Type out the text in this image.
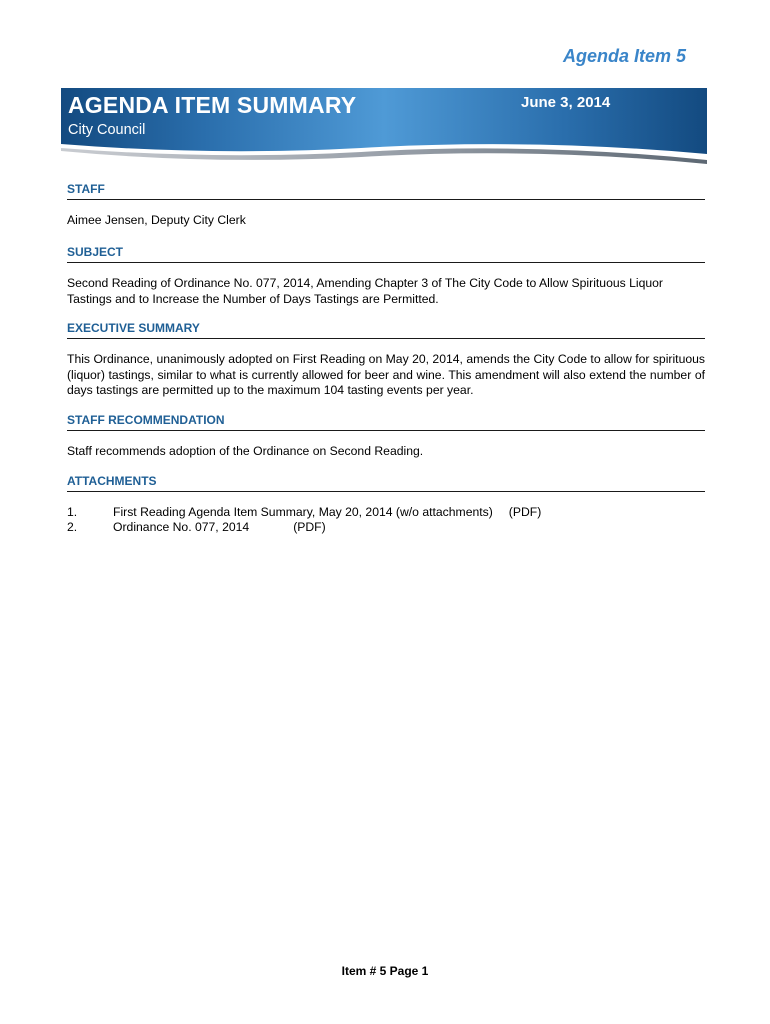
Agenda Item 5
AGENDA ITEM SUMMARY
City Council
June 3, 2014
STAFF
Aimee Jensen, Deputy City Clerk
SUBJECT
Second Reading of Ordinance No. 077, 2014, Amending Chapter 3 of The City Code to Allow Spirituous Liquor Tastings and to Increase the Number of Days Tastings are Permitted.
EXECUTIVE SUMMARY
This Ordinance, unanimously adopted on First Reading on May 20, 2014, amends the City Code to allow for spirituous (liquor) tastings, similar to what is currently allowed for beer and wine. This amendment will also extend the number of days tastings are permitted up to the maximum 104 tasting events per year.
STAFF RECOMMENDATION
Staff recommends adoption of the Ordinance on Second Reading.
ATTACHMENTS
1.	First Reading Agenda Item Summary, May 20, 2014 (w/o attachments) (PDF)
2.	Ordinance No. 077, 2014	(PDF)
Item # 5 Page 1
